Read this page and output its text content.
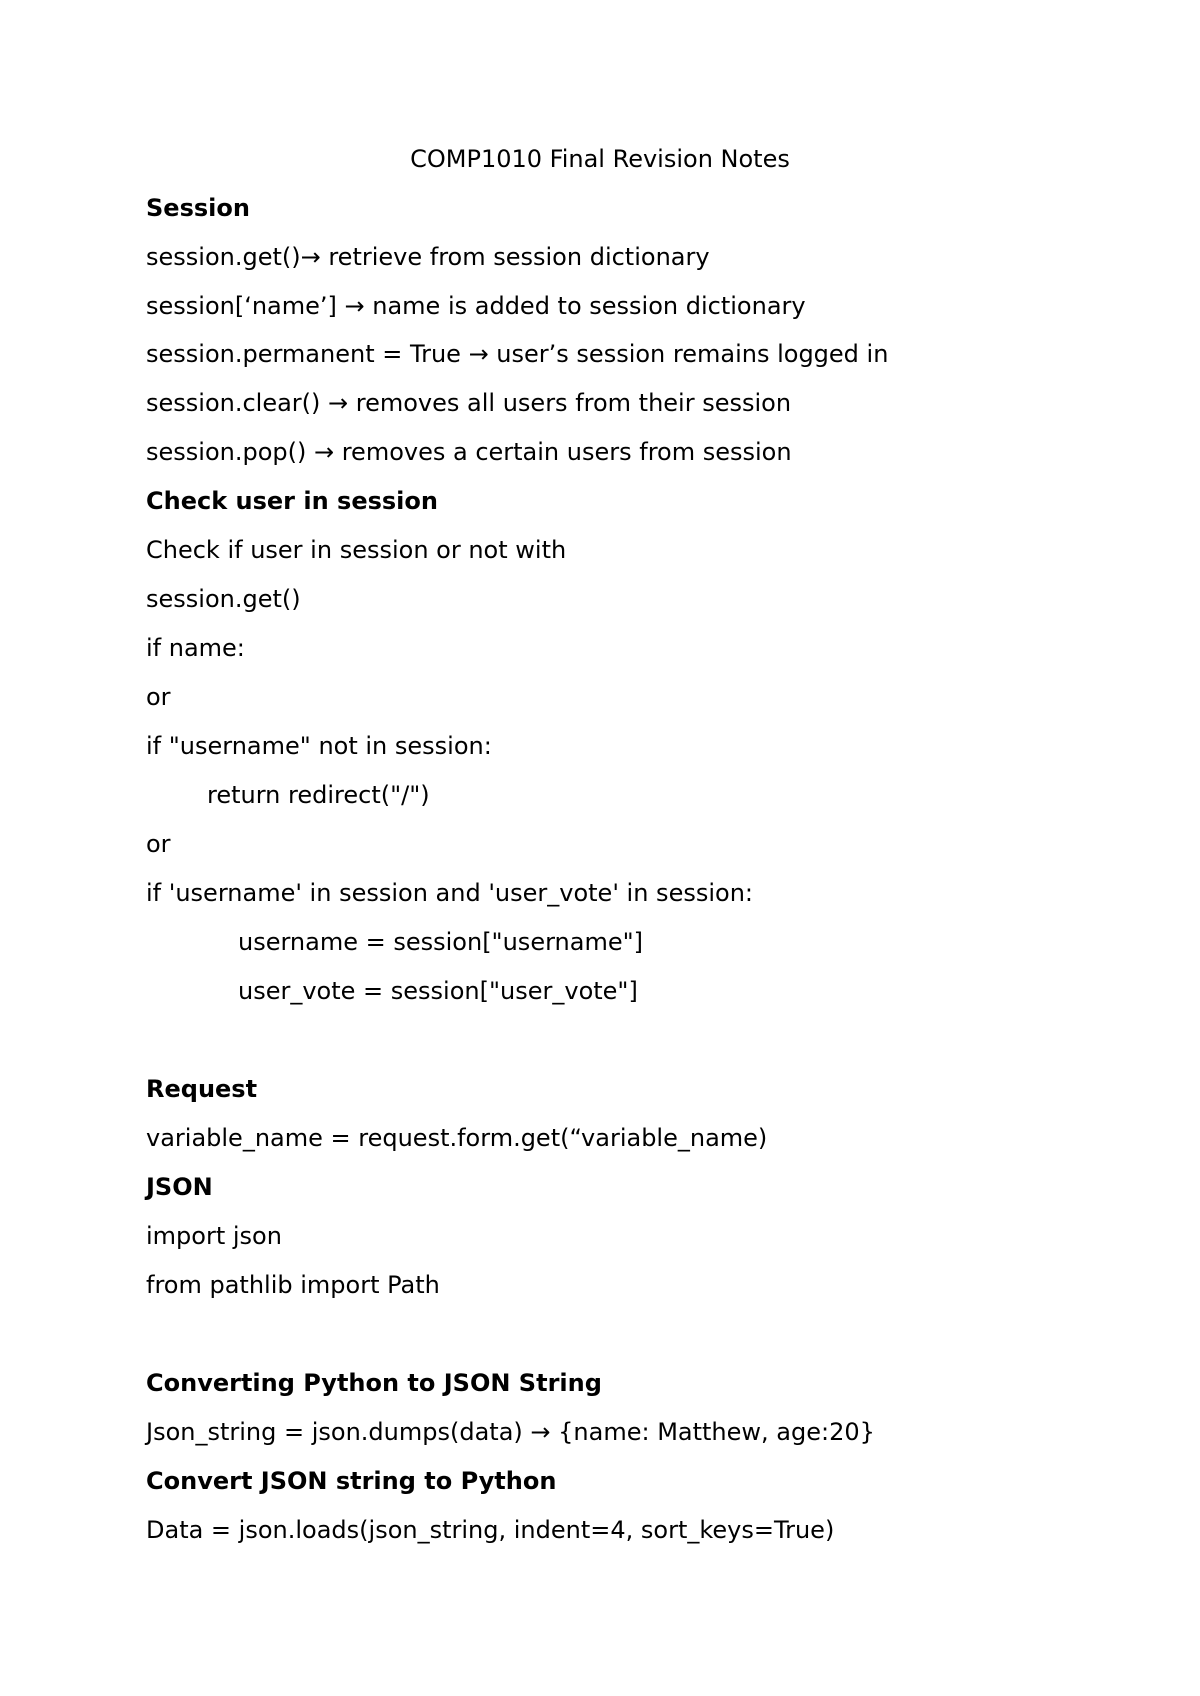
COMP1010 Final Revision Notes

Session

session.get()→ retrieve from session dictionary

session[‘name’] → name is added to session dictionary

session.permanent = True → user’s session remains logged in

session.clear() → removes all users from their session

session.pop() → removes a certain users from session

Check user in session

Check if user in session or not with

session.get()

if name:

or

if "username" not in session:

return redirect("/")

or

if 'username' in session and 'user_vote' in session:

username = session["username"]

user_vote = session["user_vote"]

Request

variable_name = request.form.get(“variable_name)

JSON

import json

from pathlib import Path

Converting Python to JSON String

Json_string = json.dumps(data) → {name: Matthew, age:20}

Convert JSON string to Python

Data = json.loads(json_string, indent=4, sort_keys=True)
